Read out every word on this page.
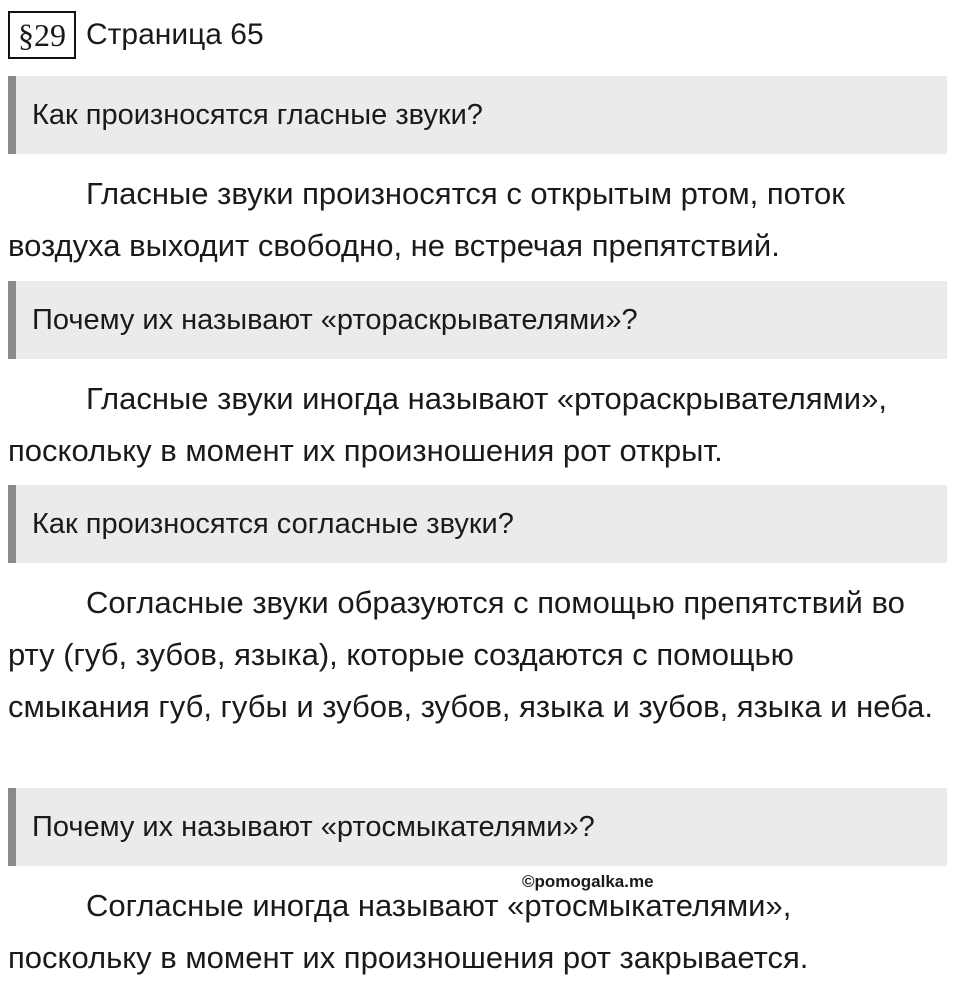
§29 Страница 65
Как произносятся гласные звуки?

Гласные звуки произносятся с открытым ртом, поток воздуха выходит свободно, не встречая препятствий.

Почему их называют «рторaскрывателями»?

Гласные звуки иногда называют «рторaскрывателями», поскольку в момент их произношения рот открыт.

Как произносятся согласные звуки?

Согласные звуки образуются с помощью препятствий во рту (губ, зубов, языка), которые создаются с помощью смыкания губ, губы и зубов, зубов, языка и зубов, языка и неба.

Почему их называют «ртосмыкателями»?

Согласные иногда называют «ртосмыкателями», поскольку в момент их произношения рот закрывается.

©pomogalka.me
